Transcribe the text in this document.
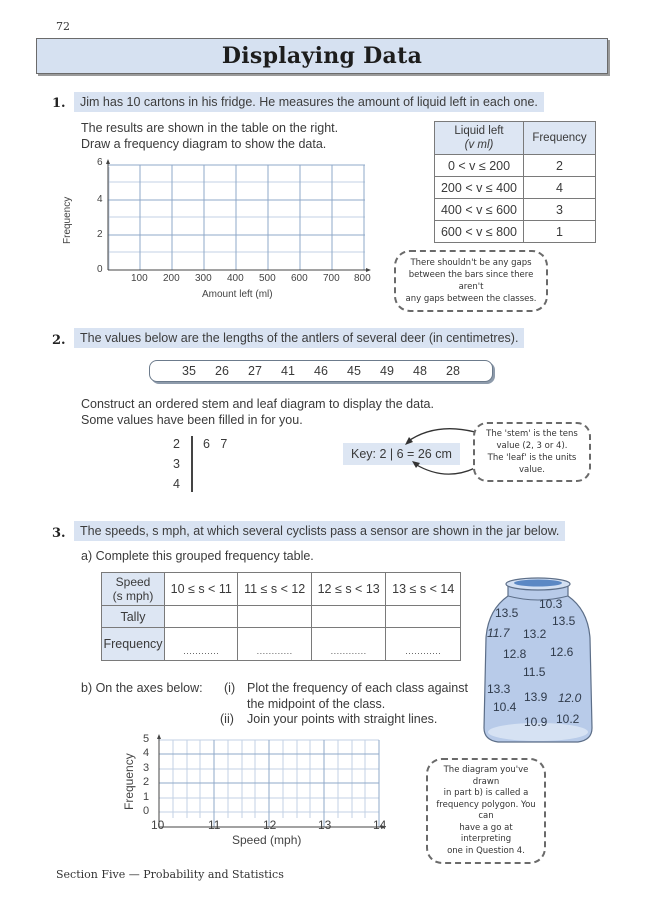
72
Displaying Data
1.	Jim has 10 cartons in his fridge. He measures the amount of liquid left in each one.
The results are shown in the table on the right.
Draw a frequency diagram to show the data.
6
4
2
0
Frequency
100 200 300 400 500 600 700 800
Amount left (ml)
Liquid left
(v ml)	Frequency
0 < v ≤ 200	2
200 < v ≤ 400	4
400 < v ≤ 600	3
600 < v ≤ 800	1
There shouldn't be any gaps
between the bars since there aren't
any gaps between the classes.
2.	The values below are the lengths of the antlers of several deer (in centimetres).
35	26	27	41	46	45	49	48	28
Construct an ordered stem and leaf diagram to display the data.
Some values have been filled in for you.
2
3
4
6   7
Key: 2 | 6 = 26 cm
The 'stem' is the tens
value (2, 3 or 4).
The 'leaf' is the units value.
3.	The speeds, s mph, at which several cyclists pass a sensor are shown in the jar below.
a) Complete this grouped frequency table.
Speed
(s mph)	10 ≤ s < 11	11 ≤ s < 12	12 ≤ s < 13	13 ≤ s < 14
Tally				
Frequency	............	............	............	............
10.3
13.5
13.5
11.7 13.2
12.8 12.6
11.5
13.3
13.9 12.0
10.4
10.9 10.2
b) On the axes below: (i) Plot the frequency of each class against
the midpoint of the class.
(ii) Join your points with straight lines.
5
4
3
2
1
0
Frequency
10	11	12	13	14
Speed (mph)
The diagram you've drawn
in part b) is called a
frequency polygon. You can
have a go at interpreting
one in Question 4.
Section Five — Probability and Statistics
